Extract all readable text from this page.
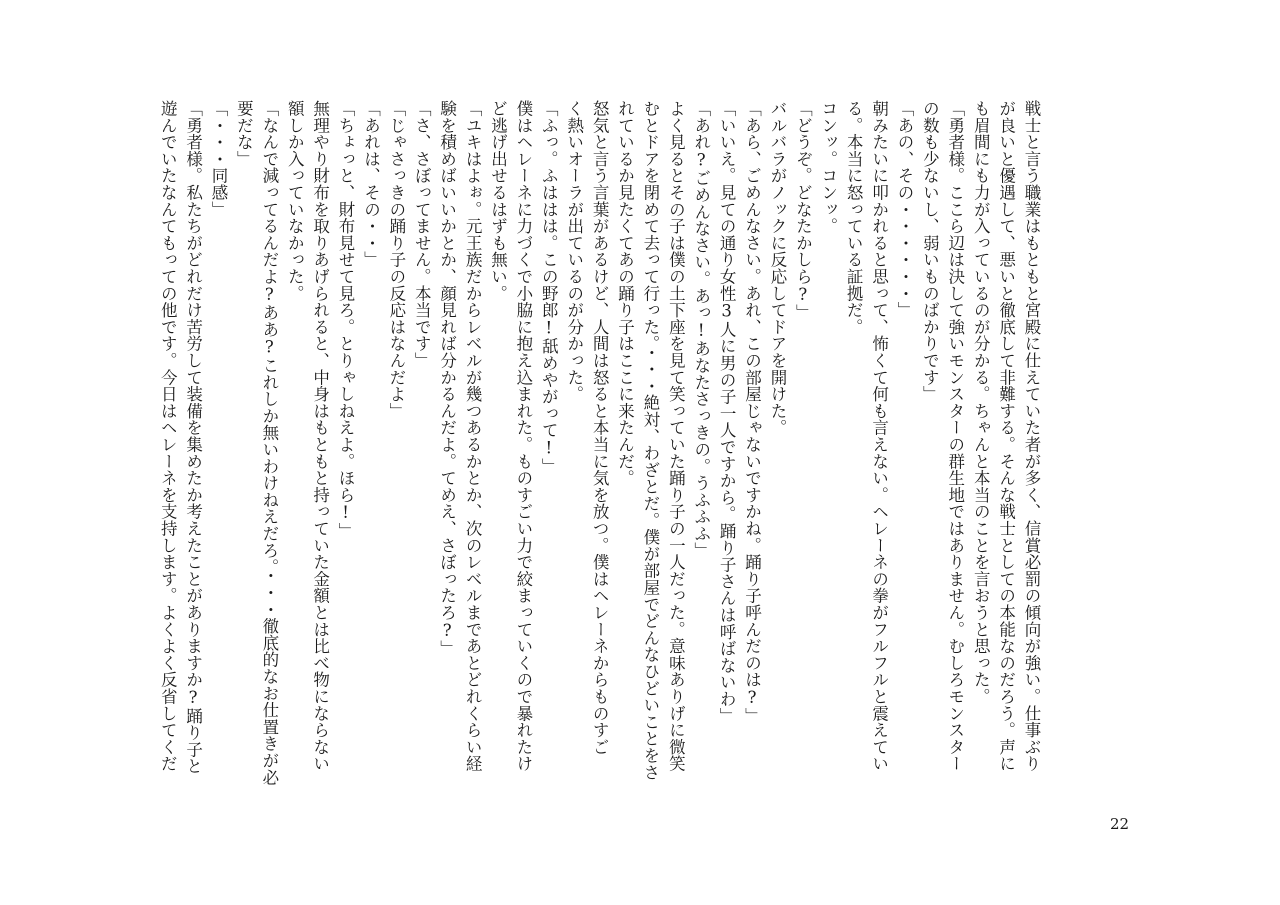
戦士と言う職業はもともと宮殿に仕えていた者が多く、信賞必罰の傾向が強い。仕事ぶり
が良いと優遇して、悪いと徹底して非難する。そんな戦士としての本能なのだろう。声に
も眉間にも力が入っているのが分かる。ちゃんと本当のことを言おうと思った。
「勇者様。ここら辺は決して強いモンスターの群生地ではありません。むしろモンスター
の数も少ないし、弱いものばかりです」
「あの、その・・・・・・」
朝みたいに叩かれると思って、怖くて何も言えない。ヘレーネの拳がフルフルと震えてい
る。本当に怒っている証拠だ。
コンッ。コンッ。
「どうぞ。どなたかしら?」
バルバラがノックに反応してドアを開けた。
「あら、ごめんなさい。あれ、この部屋じゃないですかね。踊り子呼んだのは?」
「いいえ。見ての通り女性3人に男の子一人ですから。踊り子さんは呼ばないわ」
「あれ?ごめんなさい。あっ!あなたさっきの。うふふふ」
よく見るとその子は僕の土下座を見て笑っていた踊り子の一人だった。意味ありげに微笑
むとドアを閉めて去って行った。・・・絶対、わざとだ。僕が部屋でどんなひどいことをさ
れているか見たくてあの踊り子はここに来たんだ。
怒気と言う言葉があるけど、人間は怒ると本当に気を放つ。僕はヘレーネからものすご
く熱いオーラが出ているのが分かった。
「ふっ。ふははは。この野郎!舐めやがって!」
僕はヘレーネに力づくで小脇に抱え込まれた。ものすごい力で絞まっていくので暴れたけ
ど逃げ出せるはずも無い。
「ユキはよぉ。元王族だからレベルが幾つあるかとか、次のレベルまであとどれくらい経
験を積めばいいかとか、顔見れば分かるんだよ。てめえ、さぼったろ?」
「さ、さぼってません。本当です」
「じゃさっきの踊り子の反応はなんだよ」
「あれは、その・・」
「ちょっと、財布見せて見ろ。とりゃしねえよ。ほら!」
無理やり財布を取りあげられると、中身はもともと持っていた金額とは比べ物にならない
額しか入っていなかった。
「なんで減ってるんだよ?ああ?これしか無いわけねえだろ。・・・徹底的なお仕置きが必
要だな」
「・・・同感」
「勇者様。私たちがどれだけ苦労して装備を集めたか考えたことがありますか?踊り子と
遊んでいたなんてもっての他です。今日はヘレーネを支持します。よくよく反省してくだ
22
